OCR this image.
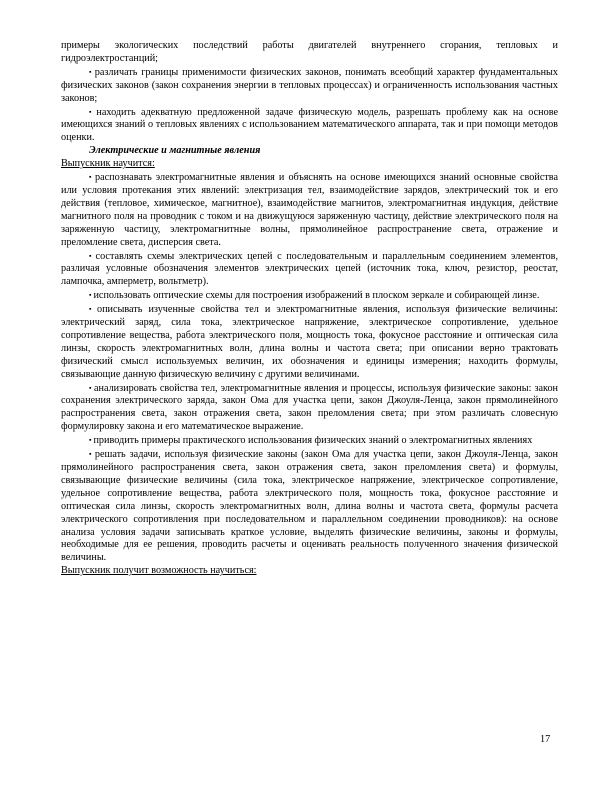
примеры экологических последствий работы двигателей внутреннего сгорания, тепловых и гидроэлектростанций;

▪ различать границы применимости физических законов, понимать всеобщий характер фундаментальных физических законов (закон сохранения энергии в тепловых процессах) и ограниченность использования частных законов;

▪ находить адекватную предложенной задаче физическую модель, разрешать проблему как на основе имеющихся знаний о тепловых явлениях с использованием математического аппарата, так и при помощи методов оценки.

Электрические и магнитные явления

Выпускник научится:

▪ распознавать электромагнитные явления и объяснять на основе имеющихся знаний основные свойства или условия протекания этих явлений: электризация тел, взаимодействие зарядов, электрический ток и его действия (тепловое, химическое, магнитное), взаимодействие магнитов, электромагнитная индукция, действие магнитного поля на проводник с током и на движущуюся заряженную частицу, действие электрического поля на заряженную частицу, электромагнитные волны, прямолинейное распространение света, отражение и преломление света, дисперсия света.

▪ составлять схемы электрических цепей с последовательным и параллельным соединением элементов, различая условные обозначения элементов электрических цепей (источник тока, ключ, резистор, реостат, лампочка, амперметр, вольтметр).

▪ использовать оптические схемы для построения изображений в плоском зеркале и собирающей линзе.

▪ описывать изученные свойства тел и электромагнитные явления, используя физические величины: электрический заряд, сила тока, электрическое напряжение, электрическое сопротивление, удельное сопротивление вещества, работа электрического поля, мощность тока, фокусное расстояние и оптическая сила линзы, скорость электромагнитных волн, длина волны и частота света; при описании верно трактовать физический смысл используемых величин, их обозначения и единицы измерения; находить формулы, связывающие данную физическую величину с другими величинами.

▪ анализировать свойства тел, электромагнитные явления и процессы, используя физические законы: закон сохранения электрического заряда, закон Ома для участка цепи, закон Джоуля-Ленца, закон прямолинейного распространения света, закон отражения света, закон преломления света; при этом различать словесную формулировку закона и его математическое выражение.

▪ приводить примеры практического использования физических знаний о электромагнитных явлениях

▪ решать задачи, используя физические законы (закон Ома для участка цепи, закон Джоуля-Ленца, закон прямолинейного распространения света, закон отражения света, закон преломления света) и формулы, связывающие физические величины (сила тока, электрическое напряжение, электрическое сопротивление, удельное сопротивление вещества, работа электрического поля, мощность тока, фокусное расстояние и оптическая сила линзы, скорость электромагнитных волн, длина волны и частота света, формулы расчета электрического сопротивления при последовательном и параллельном соединении проводников): на основе анализа условия задачи записывать краткое условие, выделять физические величины, законы и формулы, необходимые для ее решения, проводить расчеты и оценивать реальность полученного значения физической величины.

Выпускник получит возможность научиться:

17
